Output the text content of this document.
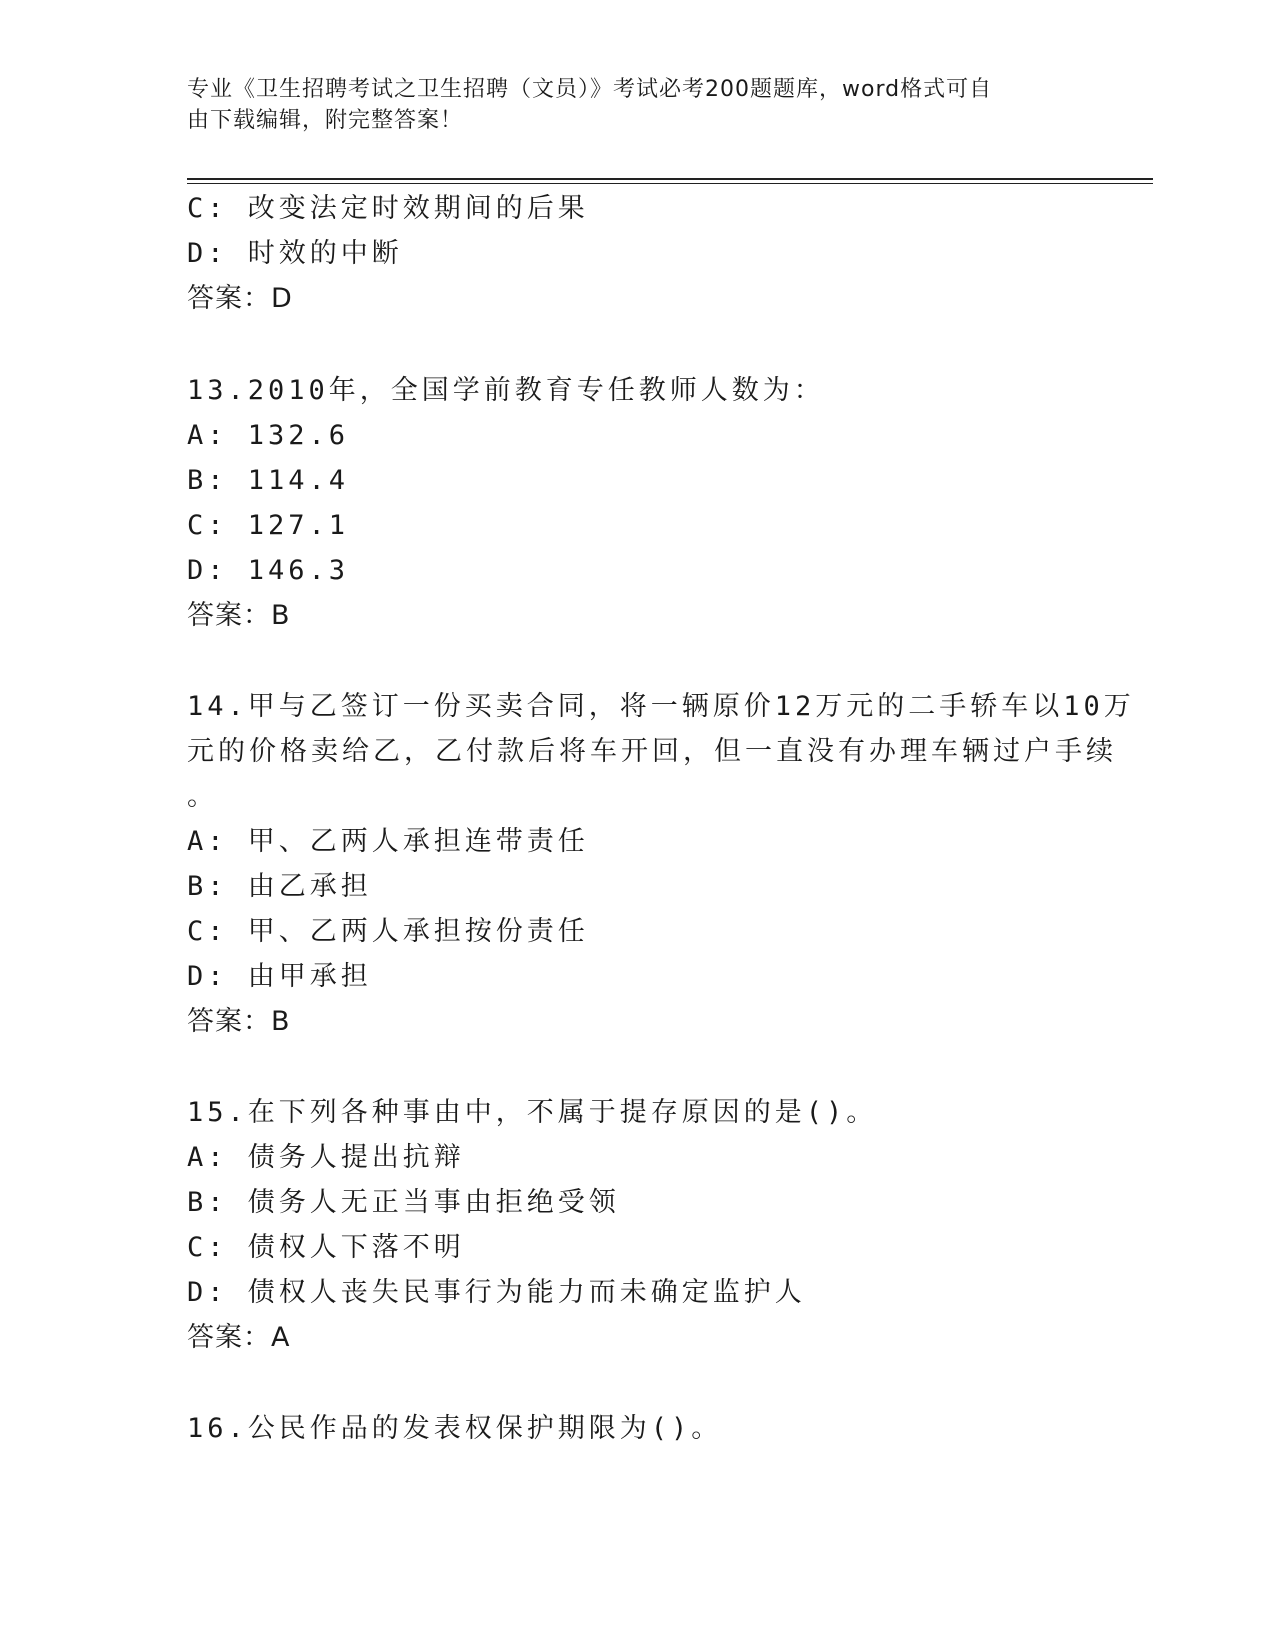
专业《卫生招聘考试之卫生招聘（文员）》考试必考200题题库，word格式可自
由下载编辑，附完整答案！
C: 改变法定时效期间的后果
D: 时效的中断
答案：D
13.2010年，全国学前教育专任教师人数为：
A: 132.6
B: 114.4
C: 127.1
D: 146.3
答案：B
14.甲与乙签订一份买卖合同，将一辆原价12万元的二手轿车以10万
元的价格卖给乙，乙付款后将车开回，但一直没有办理车辆过户手续
。
A: 甲、乙两人承担连带责任
B: 由乙承担
C: 甲、乙两人承担按份责任
D: 由甲承担
答案：B
15.在下列各种事由中，不属于提存原因的是()。
A: 债务人提出抗辩
B: 债务人无正当事由拒绝受领
C: 债权人下落不明
D: 债权人丧失民事行为能力而未确定监护人
答案：A
16.公民作品的发表权保护期限为()。
